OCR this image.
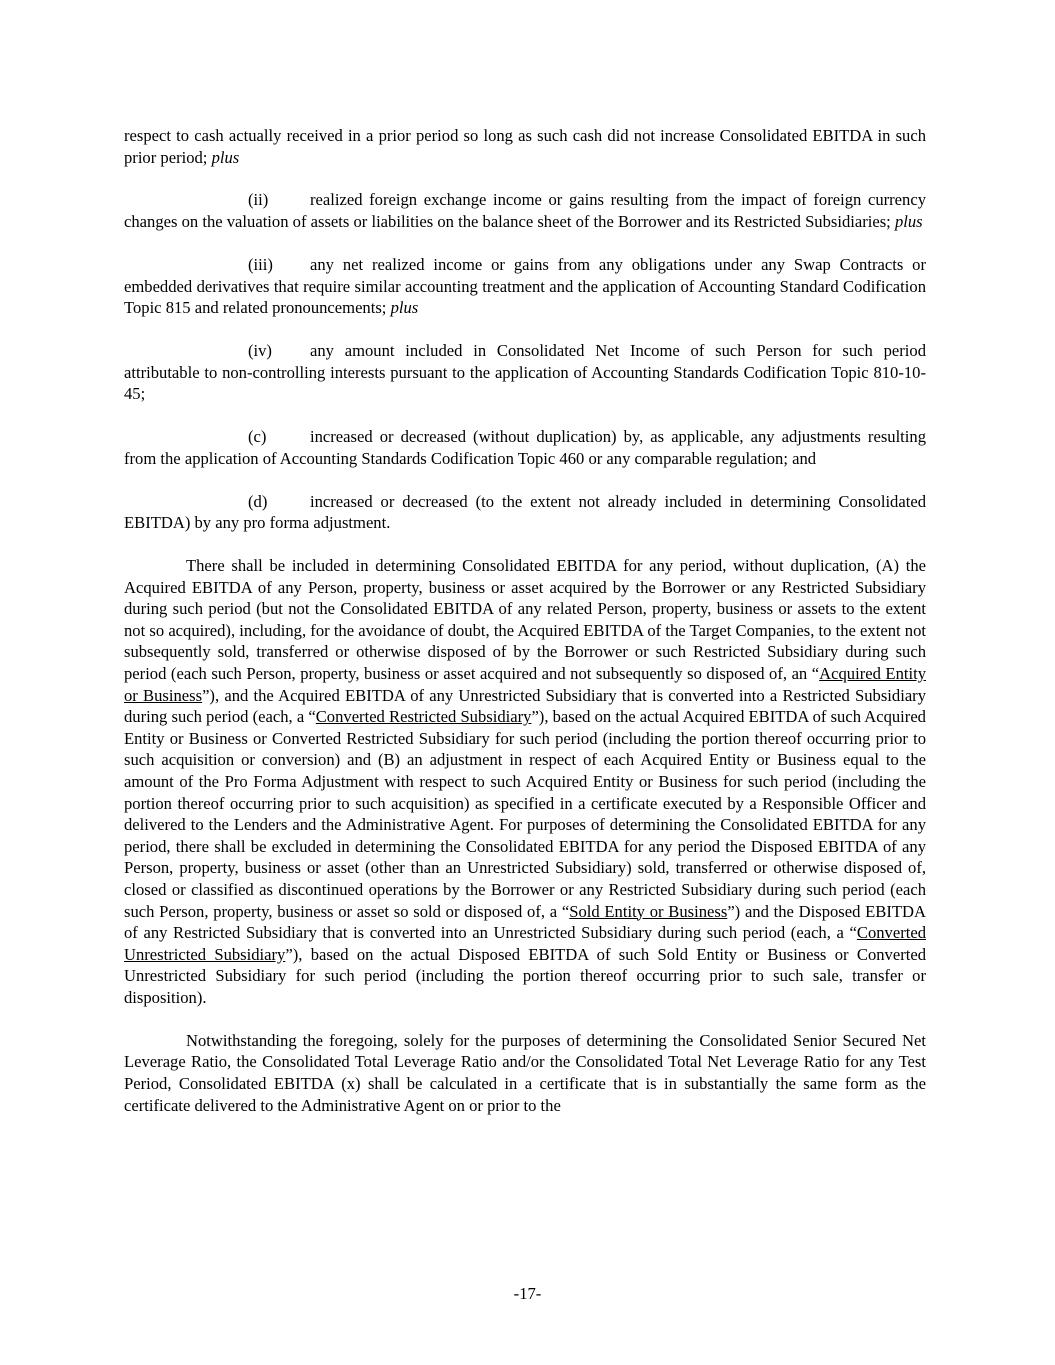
respect to cash actually received in a prior period so long as such cash did not increase Consolidated EBITDA in such prior period; plus

(ii)	realized foreign exchange income or gains resulting from the impact of foreign currency changes on the valuation of assets or liabilities on the balance sheet of the Borrower and its Restricted Subsidiaries; plus

(iii) any net realized income or gains from any obligations under any Swap Contracts or embedded derivatives that require similar accounting treatment and the application of Accounting Standard Codification Topic 815 and related pronouncements; plus

(iv) any amount included in Consolidated Net Income of such Person for such period attributable to non-controlling interests pursuant to the application of Accounting Standards Codification Topic 810-10-45;

(c)	increased or decreased (without duplication) by, as applicable, any adjustments resulting from the application of Accounting Standards Codification Topic 460 or any comparable regulation; and

(d)	increased or decreased (to the extent not already included in determining Consolidated EBITDA) by any pro forma adjustment.

There shall be included in determining Consolidated EBITDA for any period, without duplication, (A) the Acquired EBITDA of any Person, property, business or asset acquired by the Borrower or any Restricted Subsidiary during such period (but not the Consolidated EBITDA of any related Person, property, business or assets to the extent not so acquired), including, for the avoidance of doubt, the Acquired EBITDA of the Target Companies, to the extent not subsequently sold, transferred or otherwise disposed of by the Borrower or such Restricted Subsidiary during such period (each such Person, property, business or asset acquired and not subsequently so disposed of, an “Acquired Entity or Business”), and the Acquired EBITDA of any Unrestricted Subsidiary that is converted into a Restricted Subsidiary during such period (each, a “Converted Restricted Subsidiary”), based on the actual Acquired EBITDA of such Acquired Entity or Business or Converted Restricted Subsidiary for such period (including the portion thereof occurring prior to such acquisition or conversion) and (B) an adjustment in respect of each Acquired Entity or Business equal to the amount of the Pro Forma Adjustment with respect to such Acquired Entity or Business for such period (including the portion thereof occurring prior to such acquisition) as specified in a certificate executed by a Responsible Officer and delivered to the Lenders and the Administrative Agent. For purposes of determining the Consolidated EBITDA for any period, there shall be excluded in determining the Consolidated EBITDA for any period the Disposed EBITDA of any Person, property, business or asset (other than an Unrestricted Subsidiary) sold, transferred or otherwise disposed of, closed or classified as discontinued operations by the Borrower or any Restricted Subsidiary during such period (each such Person, property, business or asset so sold or disposed of, a “Sold Entity or Business”) and the Disposed EBITDA of any Restricted Subsidiary that is converted into an Unrestricted Subsidiary during such period (each, a “Converted Unrestricted Subsidiary”), based on the actual Disposed EBITDA of such Sold Entity or Business or Converted Unrestricted Subsidiary for such period (including the portion thereof occurring prior to such sale, transfer or disposition).

Notwithstanding the foregoing, solely for the purposes of determining the Consolidated Senior Secured Net Leverage Ratio, the Consolidated Total Leverage Ratio and/or the Consolidated Total Net Leverage Ratio for any Test Period, Consolidated EBITDA (x) shall be calculated in a certificate that is in substantially the same form as the certificate delivered to the Administrative Agent on or prior to the

-17-
